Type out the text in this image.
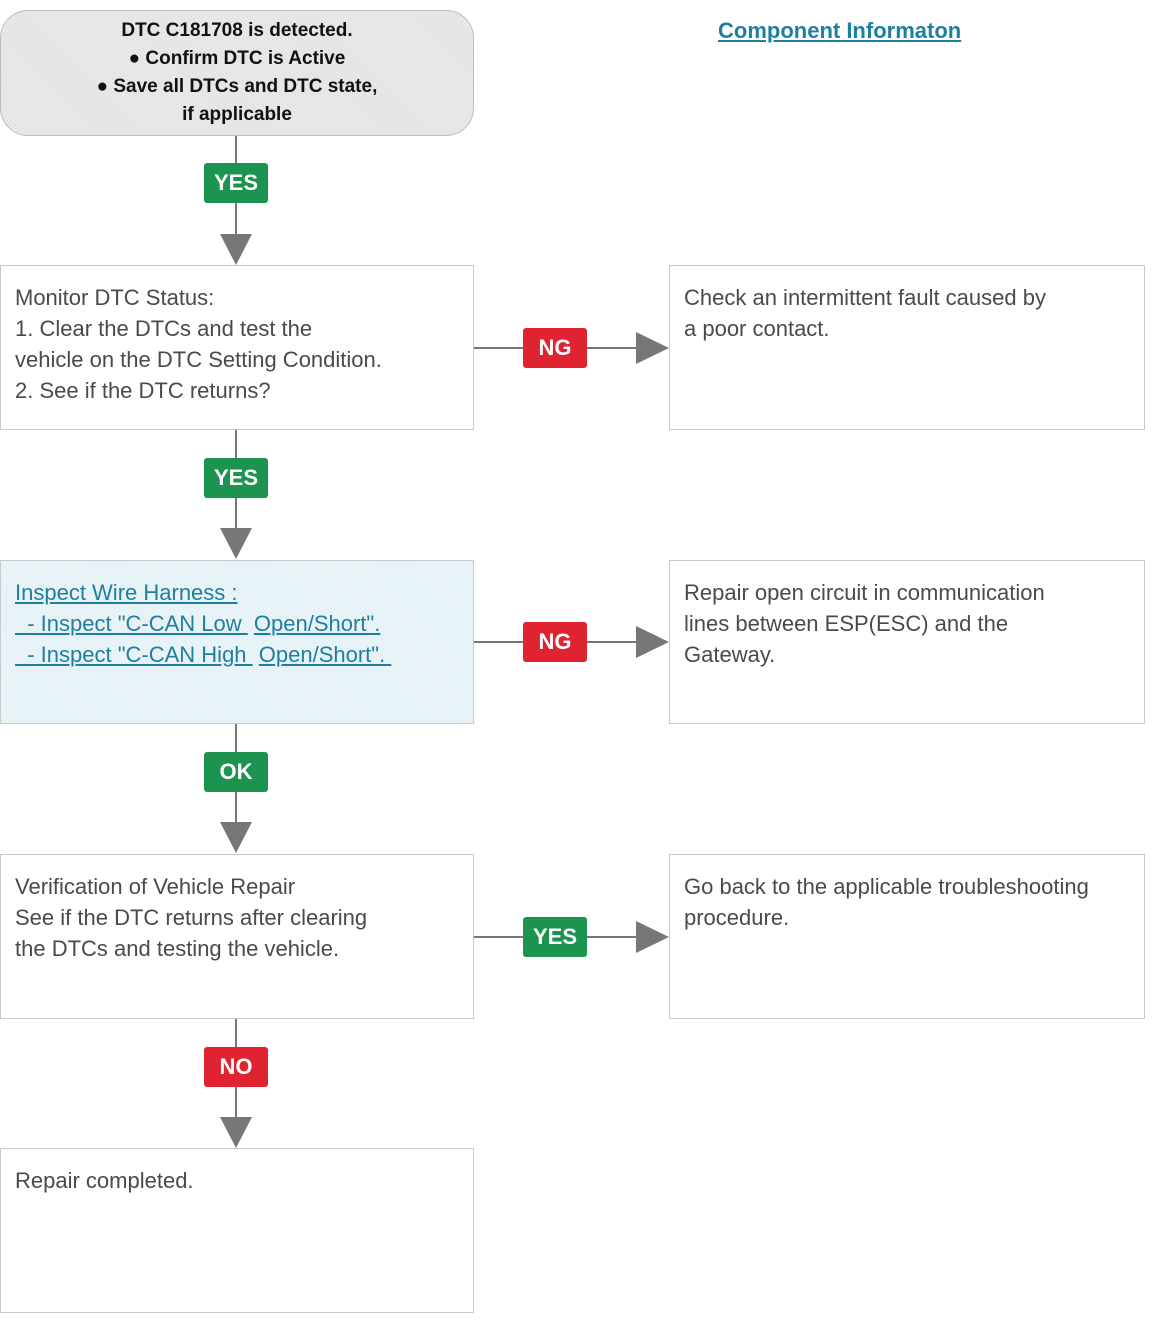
Component Informaton
DTC C181708 is detected.
● Confirm DTC is Active
● Save all DTCs and DTC state,
if applicable
YES
Monitor DTC Status:
1. Clear the DTCs and test the
vehicle on the DTC Setting Condition.
2. See if the DTC returns?
NG
Check an intermittent fault caused by
a poor contact.
YES
Inspect Wire Harness :
- Inspect "C-CAN Low  Open/Short".
- Inspect "C-CAN High  Open/Short".
NG
Repair open circuit in communication
lines between ESP(ESC) and the
Gateway.
OK
Verification of Vehicle Repair
See if the DTC returns after clearing
the DTCs and testing the vehicle.	YES
Go back to the applicable troubleshooting
procedure.
NO
Repair completed.
